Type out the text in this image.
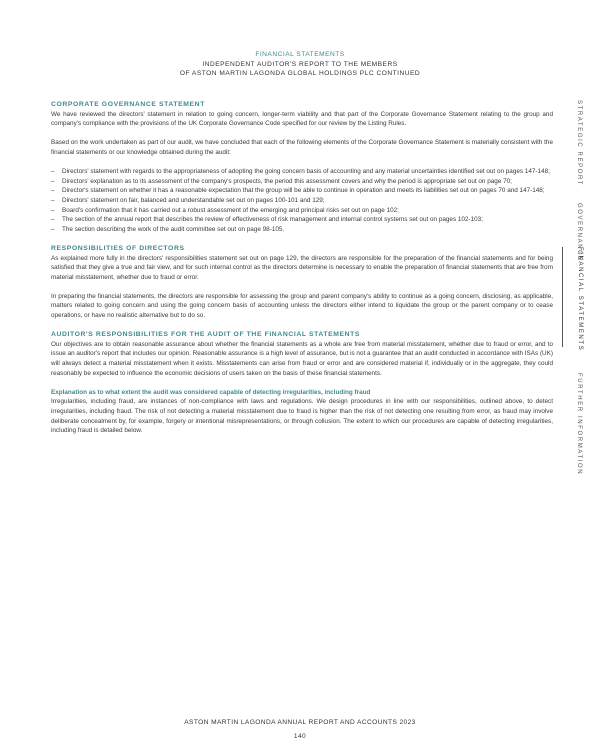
FINANCIAL STATEMENTS
INDEPENDENT AUDITOR'S REPORT TO THE MEMBERS
OF ASTON MARTIN LAGONDA GLOBAL HOLDINGS PLC CONTINUED
CORPORATE GOVERNANCE STATEMENT

We have reviewed the directors' statement in relation to going concern, longer-term viability and that part of the Corporate Governance Statement relating to the group and company's compliance with the provisions of the UK Corporate Governance Code specified for our review by the Listing Rules.

Based on the work undertaken as part of our audit, we have concluded that each of the following elements of the Corporate Governance Statement is materially consistent with the financial statements or our knowledge obtained during the audit:

– Directors' statement with regards to the appropriateness of adopting the going concern basis of accounting and any material uncertainties identified set out on pages 147-148;
– Directors' explanation as to its assessment of the company's prospects, the period this assessment covers and why the period is appropriate set out on page 70;
– Director's statement on whether it has a reasonable expectation that the group will be able to continue in operation and meets its liabilities set out on pages 70 and 147-148;
– Directors' statement on fair, balanced and understandable set out on pages 100-101 and 129;
– Board's confirmation that it has carried out a robust assessment of the emerging and principal risks set out on page 102;
– The section of the annual report that describes the review of effectiveness of risk management and internal control systems set out on pages 102-103;
– The section describing the work of the audit committee set out on page 98-105.
RESPONSIBILITIES OF DIRECTORS

As explained more fully in the directors' responsibilities statement set out on page 129, the directors are responsible for the preparation of the financial statements and for being satisfied that they give a true and fair view, and for such internal control as the directors determine is necessary to enable the preparation of financial statements that are free from material misstatement, whether due to fraud or error.

In preparing the financial statements, the directors are responsible for assessing the group and parent company's ability to continue as a going concern, disclosing, as applicable, matters related to going concern and using the going concern basis of accounting unless the directors either intend to liquidate the group or the parent company or to cease operations, or have no realistic alternative but to do so.

AUDITOR'S RESPONSIBILITIES FOR THE AUDIT OF THE FINANCIAL STATEMENTS

Our objectives are to obtain reasonable assurance about whether the financial statements as a whole are free from material misstatement, whether due to fraud or error, and to issue an auditor's report that includes our opinion. Reasonable assurance is a high level of assurance, but is not a guarantee that an audit conducted in accordance with ISAs (UK) will always detect a material misstatement when it exists. Misstatements can arise from fraud or error and are considered material if, individually or in the aggregate, they could reasonably be expected to influence the economic decisions of users taken on the basis of these financial statements.

Explanation as to what extent the audit was considered capable of detecting irregularities, including fraud

Irregularities, including fraud, are instances of non-compliance with laws and regulations. We design procedures in line with our responsibilities, outlined above, to detect irregularities, including fraud. The risk of not detecting a material misstatement due to fraud is higher than the risk of not detecting one resulting from error, as fraud may involve deliberate concealment by, for example, forgery or intentional misrepresentations, or through collusion. The extent to which our procedures are capable of detecting irregularities, including fraud is detailed below.

STRATEGIC REPORT
GOVERNANCE
FINANCIAL STATEMENTS
FURTHER INFORMATION
ASTON MARTIN LAGONDA ANNUAL REPORT AND ACCOUNTS 2023
140
